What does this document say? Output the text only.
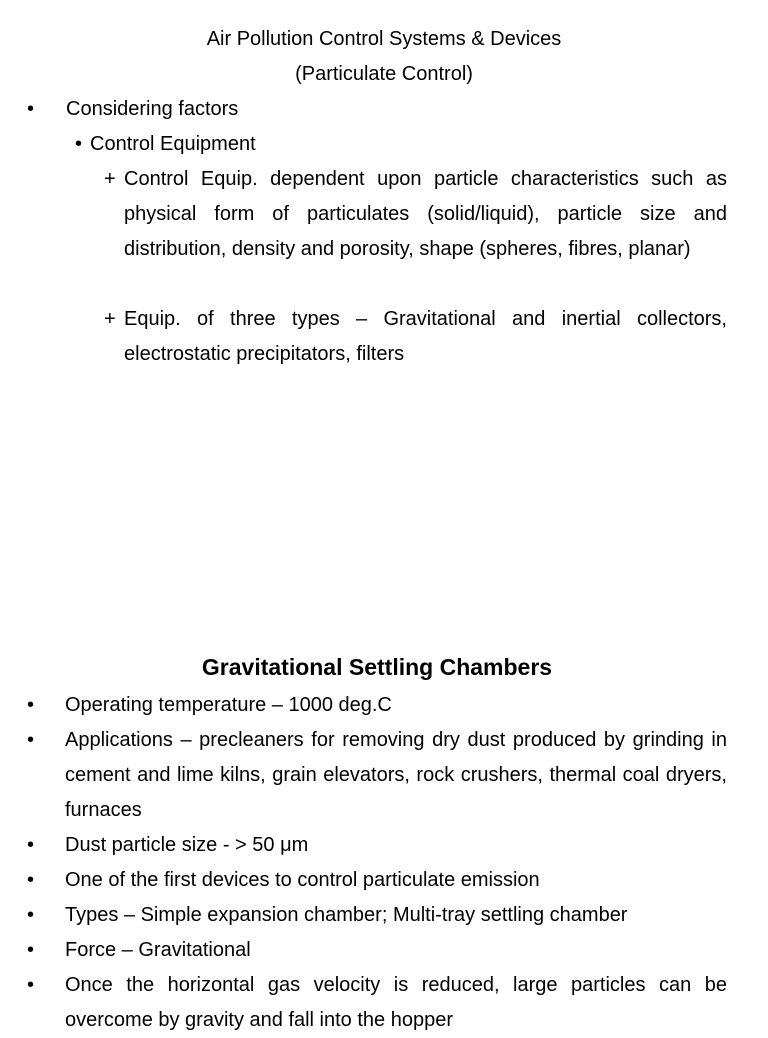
Air Pollution Control Systems & Devices
(Particulate Control)
•	Considering factors
• Control Equipment
+ Control Equip. dependent upon particle characteristics such as physical form of particulates (solid/liquid), particle size and distribution, density and porosity, shape (spheres, fibres, planar)
+ Equip. of three types – Gravitational and inertial collectors, electrostatic precipitators, filters
Gravitational Settling Chambers
•	Operating temperature – 1000 deg.C
•	Applications – precleaners for removing dry dust produced by grinding in cement and lime kilns, grain elevators, rock crushers, thermal coal dryers, furnaces
•	Dust particle size - > 50 μm
•	One of the first devices to control particulate emission
•	Types – Simple expansion chamber; Multi-tray settling chamber
•	Force – Gravitational
•	Once the horizontal gas velocity is reduced, large particles can be overcome by gravity and fall into the hopper
